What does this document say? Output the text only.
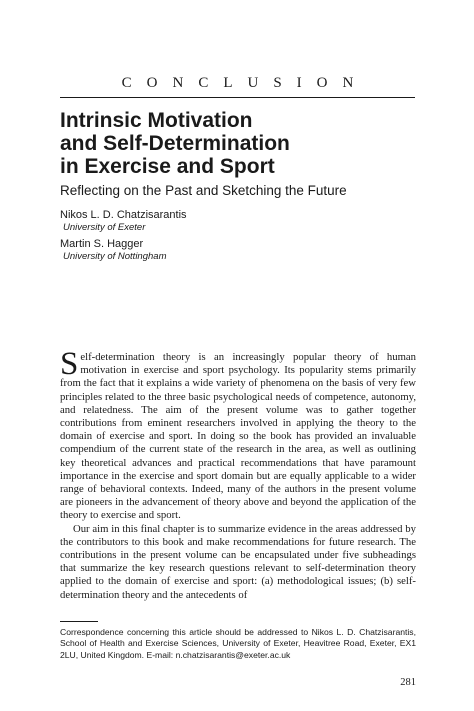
CONCLUSION
Intrinsic Motivation
and Self-Determination
in Exercise and Sport
Reflecting on the Past and Sketching the Future
Nikos L. D. Chatzisarantis
University of Exeter
Martin S. Hagger
University of Nottingham

Self-determination theory is an increasingly popular theory of human motivation in exercise and sport psychology. Its popularity stems primarily from the fact that it explains a wide variety of phenomena on the basis of very few principles related to the three basic psychological needs of competence, autonomy, and relatedness. The aim of the present volume was to gather together contributions from eminent researchers involved in applying the theory to the domain of exercise and sport. In doing so the book has provided an invaluable compendium of the current state of the research in the area, as well as outlining key theoretical advances and practical recommendations that have paramount importance in the exercise and sport domain but are equally applicable to a wider range of behavioral contexts. Indeed, many of the authors in the present volume are pioneers in the advancement of theory above and beyond the application of the theory to exercise and sport.

Our aim in this final chapter is to summarize evidence in the areas addressed by the contributors to this book and make recommendations for future research. The contributions in the present volume can be encapsulated under five subheadings that summarize the key research questions relevant to self-determination theory applied to the domain of exercise and sport: (a) methodological issues; (b) self-determination theory and the antecedents of

Correspondence concerning this article should be addressed to Nikos L. D. Chatzisarantis, School of Health and Exercise Sciences, University of Exeter, Heavitree Road, Exeter, EX1 2LU, United Kingdom. E-mail: n.chatzisarantis@exeter.ac.uk
281
